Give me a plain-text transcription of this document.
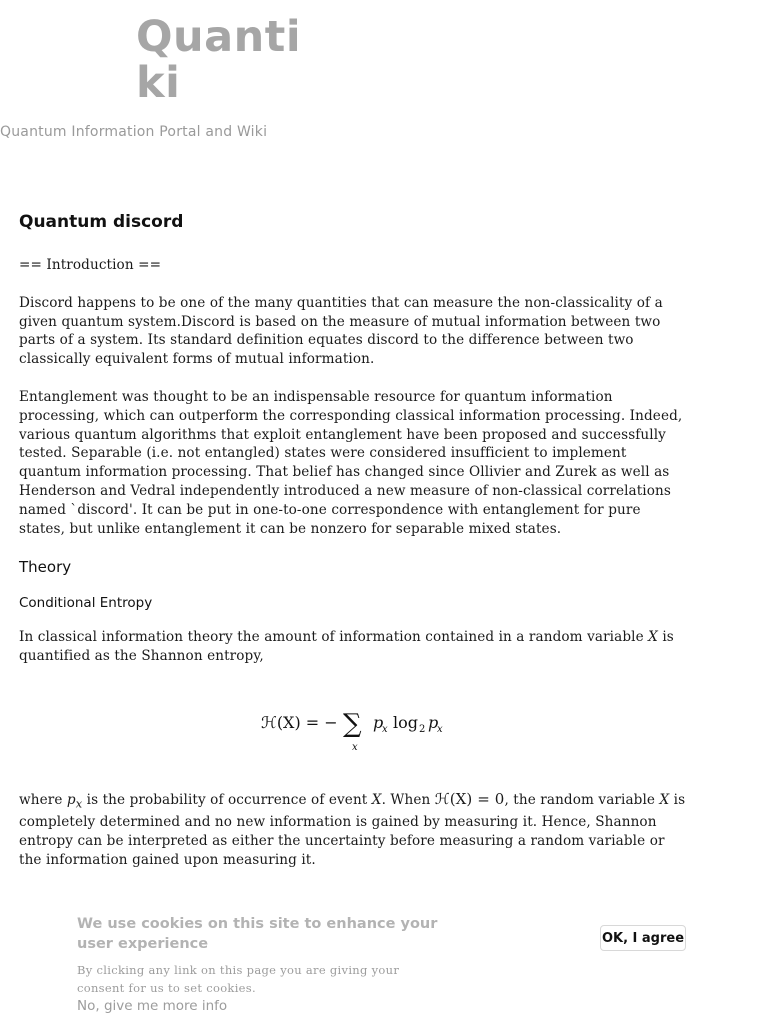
Quantiki
Quantum Information Portal and Wiki
Quantum discord

== Introduction ==

Discord happens to be one of the many quantities that can measure the non-classicality of a given quantum system.Discord is based on the measure of mutual information between two parts of a system. Its standard definition equates discord to the difference between two classically equivalent forms of mutual information.

Entanglement was thought to be an indispensable resource for quantum information processing, which can outperform the corresponding classical information processing. Indeed, various quantum algorithms that exploit entanglement have been proposed and successfully tested. Separable (i.e. not entangled) states were considered insufficient to implement quantum information processing. That belief has changed since Ollivier and Zurek as well as Henderson and Vedral independently introduced a new measure of non-classical correlations named `discord'. It can be put in one-to-one correspondence with entanglement for pure states, but unlike entanglement it can be nonzero for separable mixed states.

Theory
Conditional Entropy

In classical information theory the amount of information contained in a random variable X is quantified as the Shannon entropy,

ℋ(X) = − ∑
x
p
x log 2 p
x

where $p_x$ is the probability of occurrence of event X. When ℋ(X) = 0, the random variable X is completely determined and no new information is gained by measuring it. Hence, Shannon entropy can be interpreted as either the uncertainty before measuring a random variable or the information gained upon measuring it.

We use cookies on this site to enhance your user experience
By clicking any link on this page you are giving your consent for us to set cookies.
No, give me more info
OK, I agree
